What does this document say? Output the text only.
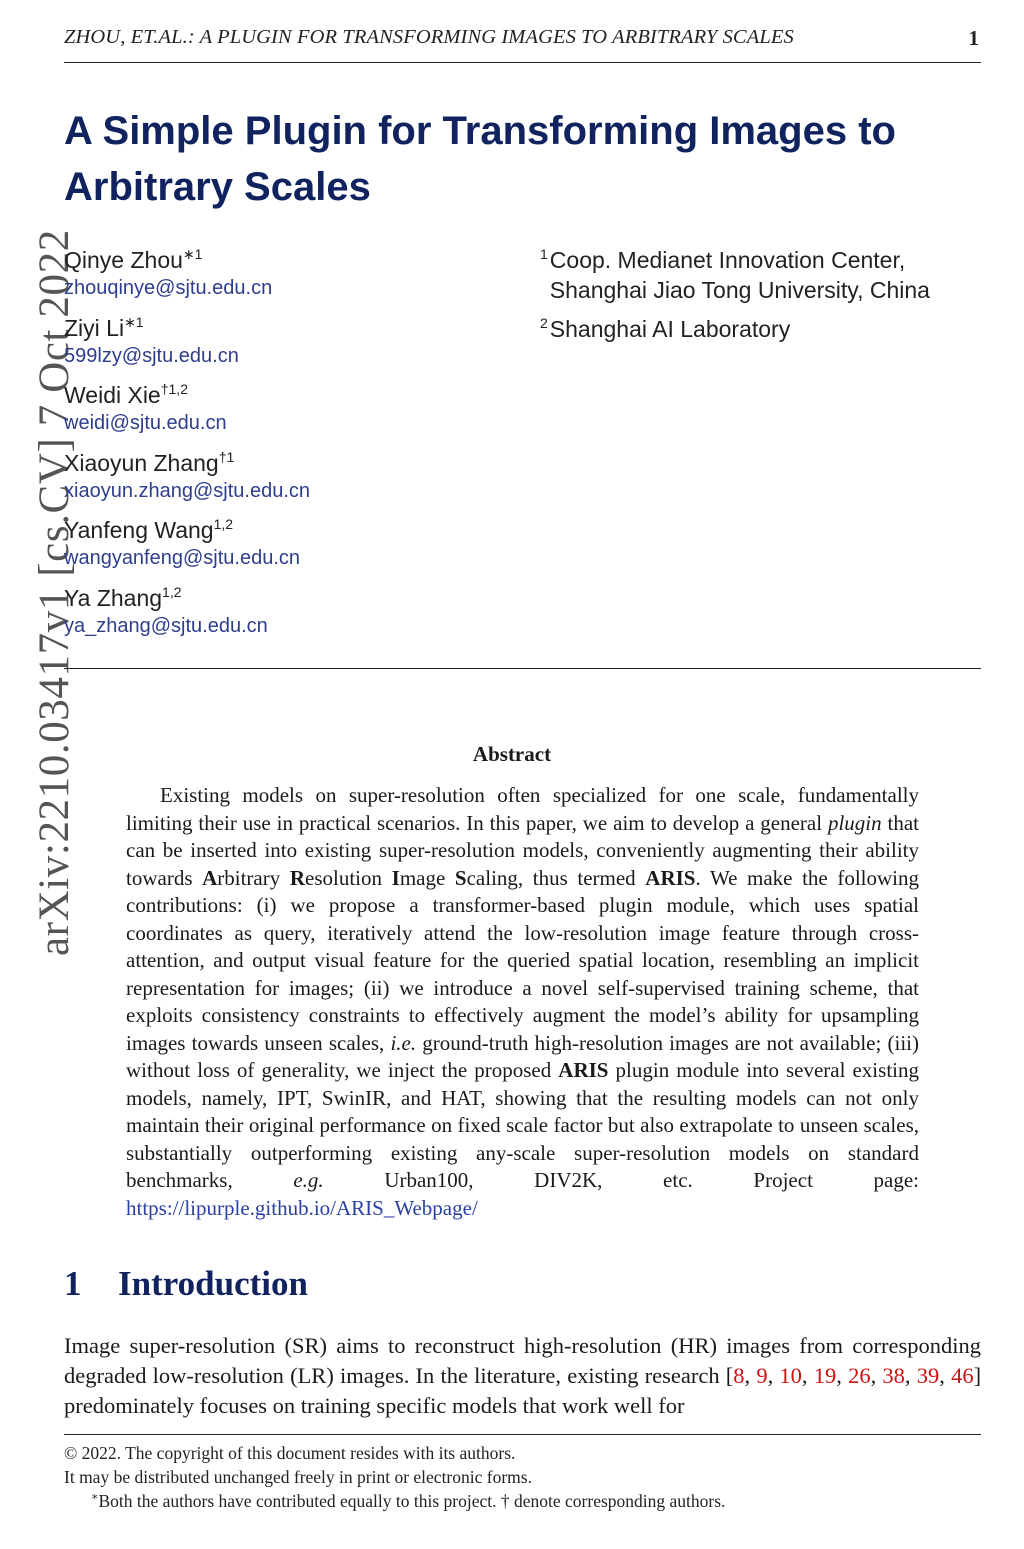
ZHOU, ET.AL.: A PLUGIN FOR TRANSFORMING IMAGES TO ARBITRARY SCALES	1
arXiv:2210.03417v1 [cs.CV] 7 Oct 2022
A Simple Plugin for Transforming Images to Arbitrary Scales
Qinye Zhou$^{∗1}$
zhouqinye@sjtu.edu.cn
Ziyi $Li^{∗1}$
599lzy@sjtu.edu.cn
Weidi Xie$^{\dagger 1,2}$
weidi@sjtu.edu.cn
Xiaoyun Zhang$^{\dagger 1}$
xiaoyun.zhang@sjtu.edu.cn
Yanfeng Wang$^{1,2}$
wangyanfeng@sjtu.edu.cn
Ya Zhang$^{1,2}$
ya_zhang@sjtu.edu.cn
$^1$Coop. Medianet Innovation Center,
Shanghai Jiao Tong University, China
$^2$Shanghai AI Laboratory
Abstract

Existing models on super-resolution often specialized for one scale, fundamentally limiting their use in practical scenarios. In this paper, we aim to develop a general plugin that can be inserted into existing super-resolution models, conveniently augmenting their ability towards Arbitrary Resolution Image Scaling, thus termed ARIS. We make the following contributions: (i) we propose a transformer-based plugin module, which uses spatial coordinates as query, iteratively attend the low-resolution image feature through cross-attention, and output visual feature for the queried spatial location, resembling an implicit representation for images; (ii) we introduce a novel self-supervised training scheme, that exploits consistency constraints to effectively augment the model’s ability for upsampling images towards unseen scales, i.e. ground-truth high-resolution images are not available; (iii) without loss of generality, we inject the proposed ARIS plugin module into several existing models, namely, IPT, SwinIR, and HAT, showing that the resulting models can not only maintain their original performance on fixed scale factor but also extrapolate to unseen scales, substantially outperforming existing any-scale super-resolution models on standard benchmarks, e.g. Urban100, DIV2K, etc. Project page: https://lipurple.github.io/ARIS_Webpage/

1 Introduction

Image super-resolution (SR) aims to reconstruct high-resolution (HR) images from corresponding degraded low-resolution (LR) images. In the literature, existing research [8, 9, 10, 19, 26, 38, 39, 46] predominately focuses on training specific models that work well for

© 2022. The copyright of this document resides with its authors.
It may be distributed unchanged freely in print or electronic forms.
∗Both the authors have contributed equally to this project. † denote corresponding authors.
